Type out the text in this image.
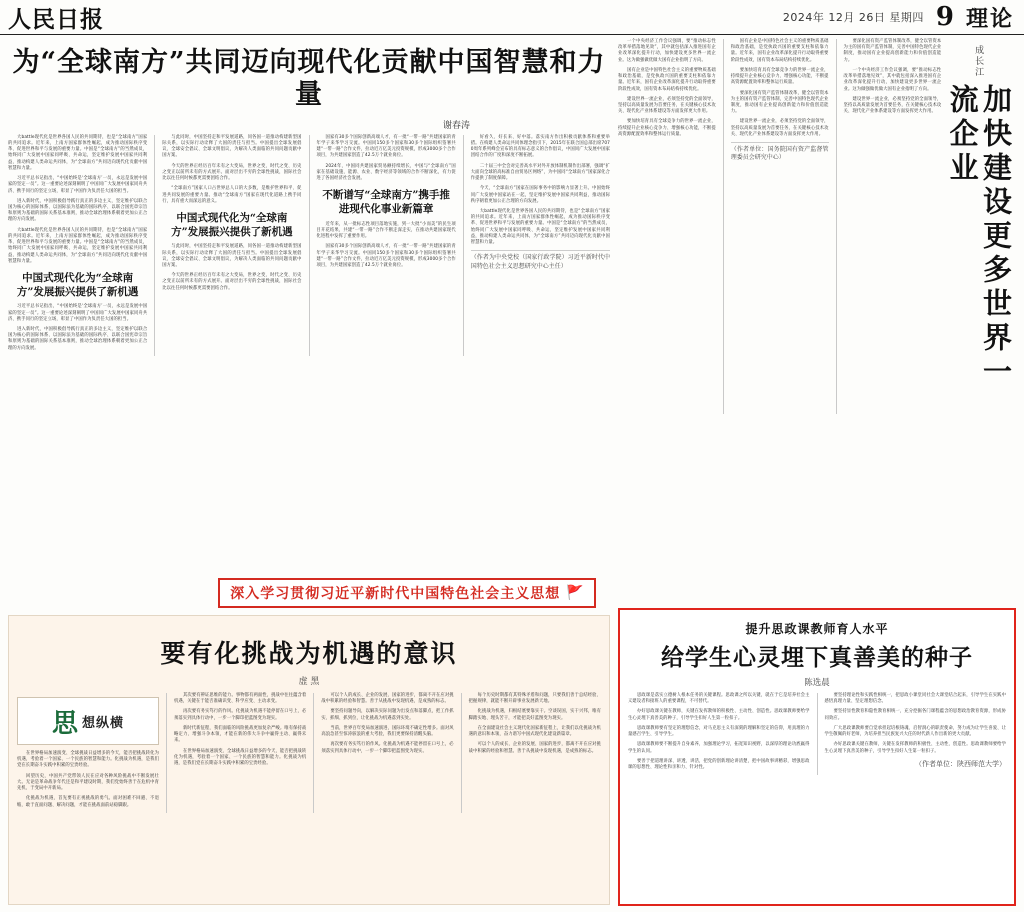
人民日报	2024年 12月 26日 星期四 9 理论
为“全球南方”共同迈向现代化贡献中国智慧和力量
谢春涛

大battle现代化是世界各国人民的共同期待，也是“全球南方”国家的共同追求。近年来，上南方国家群体性崛起，成为推动国际秩序变革、促进世界和平与发展的重要力量。中国是“全球南方”的当然成员，始终同广大发展中国家同呼吸、共命运，坚定维护发展中国家共同利益，推动构建人类命运共同体，为“全球南方”共同迈向现代化贡献中国智慧和力量。

习近平总书记指出，“中国始终是‘全球南方’一员，永远是发展中国家的坚定一员”。这一重要论述深刻阐明了中国同广大发展中国家同舟共济、携手同行的坚定立场，彰显了中国作为负责任大国的担当。

进入新时代，中国积极倡导践行真正的多边主义，坚定维护以联合国为核心的国际体系、以国际法为基础的国际秩序、以联合国宪章宗旨和原则为基础的国际关系基本准则，推动全球治理体系朝着更加公正合理的方向发展。

大battle现代化是世界各国人民的共同期待，也是“全球南方”国家的共同追求。近年来，上南方国家群体性崛起，成为推动国际秩序变革、促进世界和平与发展的重要力量。中国是“全球南方”的当然成员，始终同广大发展中国家同呼吸、共命运，坚定维护发展中国家共同利益，推动构建人类命运共同体，为“全球南方”共同迈向现代化贡献中国智慧和力量。

中国式现代化为“全球南方”发展振兴提供了新机遇

习近平总书记指出，“中国始终是‘全球南方’一员，永远是发展中国家的坚定一员”。这一重要论述深刻阐明了中国同广大发展中国家同舟共济、携手同行的坚定立场，彰显了中国作为负责任大国的担当。

进入新时代，中国积极倡导践行真正的多边主义，坚定维护以联合国为核心的国际体系、以国际法为基础的国际秩序、以联合国宪章宗旨和原则为基础的国际关系基本准则，推动全球治理体系朝着更加公正合理的方向发展。

与此同时，中国坚持走和平发展道路，同各国一道推动构建新型国际关系，以实际行动诠释了大国的责任与担当。中国提出全球发展倡议、全球安全倡议、全球文明倡议，为解决人类面临的共同问题贡献中国方案。

今天的世界正经历百年未有之大变局，世界之变、时代之变、历史之变正以前所未有的方式展开。面对层出不穷的全球性挑战，国际社会比以往任何时候都更需要团结合作。

“全球南方”国家人口占世界总人口的大多数，是维护世界和平、促进共同发展的重要力量。推动“全球南方”国家在现代化道路上携手同行，具有重大而深远的意义。

中国式现代化为“全球南方”发展振兴提供了新机遇

与此同时，中国坚持走和平发展道路，同各国一道推动构建新型国际关系，以实际行动诠释了大国的责任与担当。中国提出全球发展倡议、全球安全倡议、全球文明倡议，为解决人类面临的共同问题贡献中国方案。

今天的世界正经历百年未有之大变局，世界之变、时代之变、历史之变正以前所未有的方式展开。面对层出不穷的全球性挑战，国际社会比以往任何时候都更需要团结合作。

国家有30多个国际创新高端人才，有一批“一带一路”共建国家的青年学子来华学习交流。中国同150多个国家和30多个国际组织签署共建“一带一路”合作文件，拉动近万亿美元投资规模，形成3000多个合作项目，为共建国家创造了42.5万个就业岗位。

2024年，中国同共建国家贸易额持续增长，中国与“全球南方”国家在基础设施、能源、农业、数字经济等领域的合作不断深化，有力促进了各国经济社会发展。

不断谱写“全球南方”携手推进现代化事业新篇章

近年来，从一批标志性项目落地实施，到一大批“小而美”的民生项目开花结果，共建“一带一路”合作不断走深走实，在推动共建国家现代化进程中发挥了重要作用。

国家有30多个国际创新高端人才，有一批“一带一路”共建国家的青年学子来华学习交流。中国同150多个国家和30多个国际组织签署共建“一带一路”合作文件，拉动近万亿美元投资规模，形成3000多个合作项目，为共建国家创造了42.5万个就业岗位。

好看久、好长来、好中落。落实南方作出积极贡献体系和重要举措。在构建人类命运共同体理念指引下，2015年在联合国总部出席7070周年系列峰会宣布的具有标志意义的合作倡议，中国同广大发展中国家团结合作的广度和深度不断拓展。

二十届三中全会对完善高水平对外开放体制机制作出部署，强调“扩大面向全球的高标准自由贸易区网络”，为中国同“全球南方”国家深化合作提供了制度保障。

今天，“全球南方”国家在国际事务中的影响力显著上升。中国始终同广大发展中国家站在一起，坚定维护发展中国家共同利益，推动国际秩序朝着更加公正合理的方向发展。

大battle现代化是世界各国人民的共同期待，也是“全球南方”国家的共同追求。近年来，上南方国家群体性崛起，成为推动国际秩序变革、促进世界和平与发展的重要力量。中国是“全球南方”的当然成员，始终同广大发展中国家同呼吸、共命运，坚定维护发展中国家共同利益，推动构建人类命运共同体，为“全球南方”共同迈向现代化贡献中国智慧和力量。

（作者为中央党校（国家行政学院）习近平新时代中国特色社会主义思想研究中心主任）

一个中央经济工作会议强调，要“推动标志性改革举措落地见效”，其中就包括深入推进国有企业改革深化提升行动，加快建设更多世界一流企业。这为做强做优做大国有企业指明了方向。

国有企业是中国特色社会主义的重要物质基础和政治基础，是党执政兴国的重要支柱和依靠力量。近年来，国有企业改革深化提升行动取得重要阶段性成效，国有资本布局结构持续优化。

建设世界一流企业，必须坚持党的全面领导，坚持以高质量发展为首要任务，在关键核心技术攻关、现代化产业体系建设等方面发挥更大作用。

要加快培育具有全球竞争力的世界一流企业，持续提升企业核心竞争力、增强核心功能，不断提高资源配置效率和整体运行质量。

国有企业是中国特色社会主义的重要物质基础和政治基础，是党执政兴国的重要支柱和依靠力量。近年来，国有企业改革深化提升行动取得重要阶段性成效，国有资本布局结构持续优化。

要加快培育具有全球竞争力的世界一流企业，持续提升企业核心竞争力、增强核心功能，不断提高资源配置效率和整体运行质量。

要深化国有资产监管体制改革，健全以管资本为主的国有资产监管体制，完善中国特色现代企业制度，推动国有企业提高创新能力和价值创造能力。

建设世界一流企业，必须坚持党的全面领导，坚持以高质量发展为首要任务，在关键核心技术攻关、现代化产业体系建设等方面发挥更大作用。

（作者单位：国务院国有资产监督管理委员会研究中心）

要深化国有资产监管体制改革，健全以管资本为主的国有资产监管体制，完善中国特色现代企业制度，推动国有企业提高创新能力和价值创造能力。

一个中央经济工作会议强调，要“推动标志性改革举措落地见效”，其中就包括深入推进国有企业改革深化提升行动，加快建设更多世界一流企业。这为做强做优做大国有企业指明了方向。

建设世界一流企业，必须坚持党的全面领导，坚持以高质量发展为首要任务，在关键核心技术攻关、现代化产业体系建设等方面发挥更大作用。

成长江
加快建设更多世界一流企业
深入学习贯彻习近平新时代中国特色社会主义思想 🚩
要有化挑战为机遇的意识
虚 黑
思 想纵横

在世界格局加速演变、全球挑战日益增多的今天，能否把挑战转化为机遇，考验着一个国家、一个民族的智慧和能力。化挑战为机遇，是我们党在长期奋斗实践中积累的宝贵经验。

回望历史，中国共产党带领人民在应对各种风险挑战中不断发展壮大。无论是革命战争年代还是和平建设时期，我们党始终善于在危机中育先机、于变局中开新局。

化挑战为机遇，首先要有正视挑战的勇气。面对困难不回避、不退缩，敢于直面问题、解决问题，才能在挑战面前站稳脚跟。

其次要有辨证思维的能力。事物都有两面性，挑战中往往蕴含着机遇，关键在于能否准确识变、科学应变、主动求变。

再次要有务实笃行的作风。化挑战为机遇不能停留在口号上，必须落实到具体行动中，一步一个脚印把蓝图变为现实。

新时代新征程，我们面临的风险挑战更加复杂严峻。唯有保持战略定力、增强斗争本领，才能在新的伟大斗争中赢得主动、赢得未来。

在世界格局加速演变、全球挑战日益增多的今天，能否把挑战转化为机遇，考验着一个国家、一个民族的智慧和能力。化挑战为机遇，是我们党在长期奋斗实践中积累的宝贵经验。

可以个人的成长、企业的发展、国家的进步，都离不开在应对挑战中积累的经验和智慧。善于从挑战中发现机遇，是成熟的标志。

要坚持问题导向，以解决实际问题为出发点和落脚点，把工作抓实、抓细、抓到位，让化挑战为机遇落到实处。

当前，世界百年变局加速演进，国际环境不确定性增多。面对风高浪急甚至惊涛骇浪的重大考验，我们更要保持清醒头脑。

再次要有务实笃行的作风。化挑战为机遇不能停留在口号上，必须落实到具体行动中，一步一个脚印把蓝图变为现实。

每个历史时期都有其特殊矛盾和问题，只要我们善于总结经验、把握规律，就能不断开辟事业发展新天地。

化挑战为机遇，归根结底要靠实干。空谈误国，实干兴邦，唯有脚踏实地、埋头苦干，才能把美好蓝图变为现实。

在全面建设社会主义现代化国家新征程上，让我们以化挑战为机遇的意识和本领，奋力谱写中国式现代化建设新篇章。

可以个人的成长、企业的发展、国家的进步，都离不开在应对挑战中积累的经验和智慧。善于从挑战中发现机遇，是成熟的标志。

提升思政课教师育人水平
给学生心灵埋下真善美的种子
陈选晨

思政课是落实立德树人根本任务的关键课程。思政课之所以关键，就在于它是培养社会主义建设者和接班人的重要课程，不可替代。

办好思政课关键在教师，关键在发挥教师的积极性、主动性、创造性。思政课教师要给学生心灵埋下真善美的种子，引导学生扣好人生第一粒扣子。

思政课教师要有坚定的理想信念，对马克思主义有深刻的理解和坚定的信仰，用真理的力量感召学生、引导学生。

思政课教师要不断提升自身素养，加强理论学习，拓宽知识视野，以深厚的理论功底赢得学生的认同。

要善于把道理讲深、讲透、讲活，把党的创新理论讲清楚，把中国故事讲精彩，增强思政课的思想性、理论性和亲和力、针对性。

要坚持理论性和实践性相统一，把思政小课堂同社会大课堂结合起来，引导学生在实践中感悟真理力量、坚定理想信念。

要坚持显性教育和隐性教育相统一，充分挖掘各门课程蕴含的思想政治教育资源，形成协同效应。

广大思政课教师要自觉承担起培根铸魂、启智润心的职责使命，努力成为让学生喜爱、让学生敬佩的好老师，为培养担当民族复兴大任的时代新人作出新的更大贡献。

办好思政课关键在教师，关键在发挥教师的积极性、主动性、创造性。思政课教师要给学生心灵埋下真善美的种子，引导学生扣好人生第一粒扣子。

（作者单位：陕西师范大学）
